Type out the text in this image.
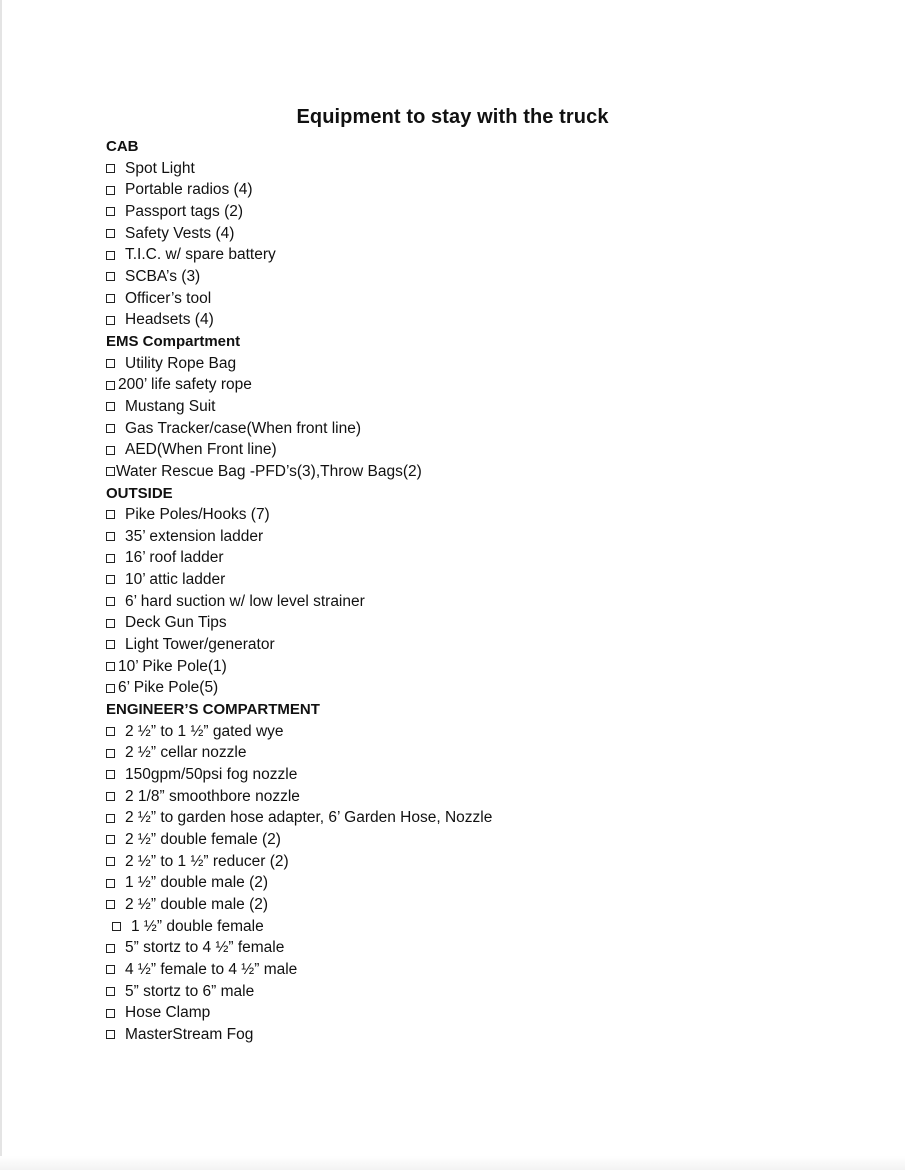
Equipment to stay with the truck
CAB
Spot Light
Portable radios (4)
Passport tags (2)
Safety Vests (4)
T.I.C. w/ spare battery
SCBA’s (3)
Officer’s tool
Headsets (4)
EMS Compartment
Utility Rope Bag
200’ life safety rope
Mustang Suit
Gas Tracker/case(When front line)
AED(When Front line)
Water Rescue Bag -PFD’s(3),Throw Bags(2)
OUTSIDE
Pike Poles/Hooks (7)
35’ extension ladder
16’ roof ladder
10’ attic ladder
6’ hard suction w/ low level strainer
Deck Gun Tips
Light Tower/generator
10’ Pike Pole(1)
6’ Pike Pole(5)
ENGINEER’S COMPARTMENT
2 ½” to 1 ½” gated wye
2 ½” cellar nozzle
150gpm/50psi fog nozzle
2 1/8” smoothbore nozzle
2 ½” to garden hose adapter, 6’ Garden Hose, Nozzle
2 ½” double female (2)
2 ½” to 1 ½” reducer (2)
1 ½” double male (2)
2 ½” double male (2)
1 ½” double female
5” stortz to 4 ½” female
4 ½” female to 4 ½” male
5” stortz to 6” male
Hose Clamp
MasterStream Fog
